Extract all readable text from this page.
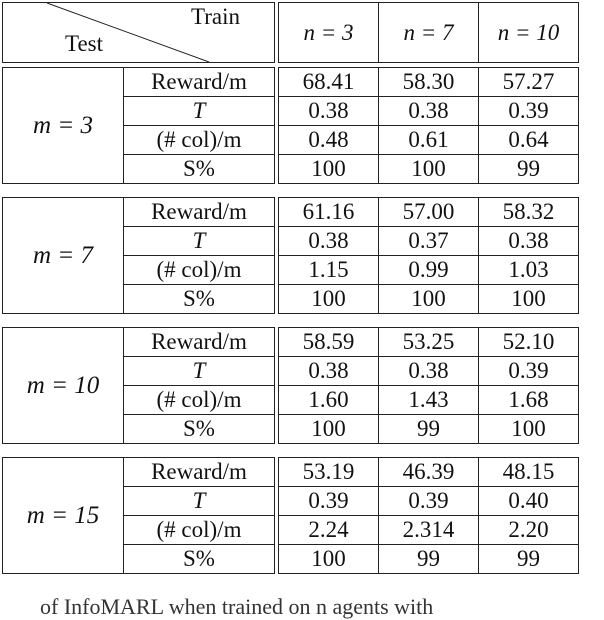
Train
Test		n = 3	n = 7	n = 10
m = 3	Reward/m		68.41	58.30	57.27
	T		0.38	0.38	0.39
	(# col)/m		0.48	0.61	0.64
	S%		100	100	99
m = 7	Reward/m		61.16	57.00	58.32
	T		0.38	0.37	0.38
	(# col)/m		1.15	0.99	1.03
	S%		100	100	100
m = 10	Reward/m		58.59	53.25	52.10
	T		0.38	0.38	0.39
	(# col)/m		1.60	1.43	1.68
	S%		100	99	100
m = 15	Reward/m		53.19	46.39	48.15
	T		0.39	0.39	0.40
	(# col)/m		2.24	2.314	2.20
	S%		100	99	99
of InfoMARL when trained on n agents with
